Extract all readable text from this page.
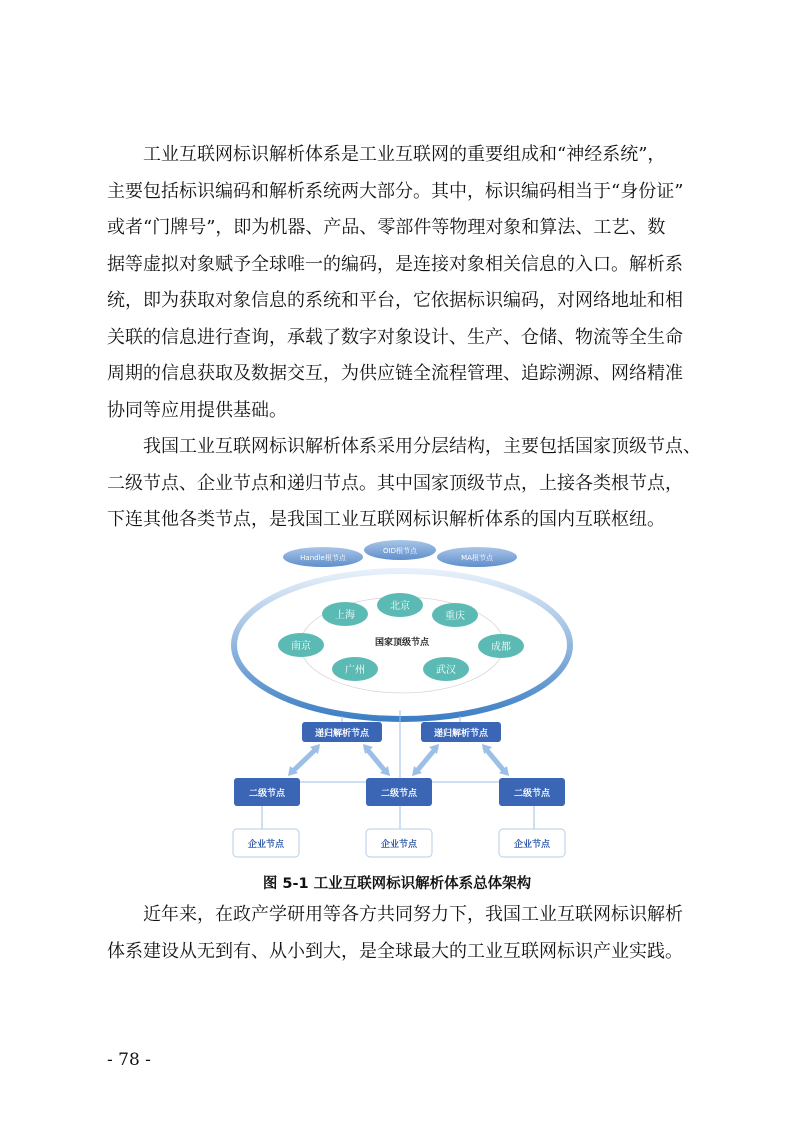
工业互联网标识解析体系是工业互联网的重要组成和“神经系统”，
主要包括标识编码和解析系统两大部分。其中，标识编码相当于“身份证”
或者“门牌号”，即为机器、产品、零部件等物理对象和算法、工艺、数
据等虚拟对象赋予全球唯一的编码，是连接对象相关信息的入口。解析系
统，即为获取对象信息的系统和平台，它依据标识编码，对网络地址和相
关联的信息进行查询，承载了数字对象设计、生产、仓储、物流等全生命
周期的信息获取及数据交互，为供应链全流程管理、追踪溯源、网络精准
协同等应用提供基础。
我国工业互联网标识解析体系采用分层结构，主要包括国家顶级节点、
二级节点、企业节点和递归节点。其中国家顶级节点，上接各类根节点，
下连其他各类节点，是我国工业互联网标识解析体系的国内互联枢纽。
Handle根节点
OID根节点
MA根节点
国家顶级节点
北京
重庆
成都
武汉
广州
南京
上海
递归解析节点	递归解析节点
二级节点	二级节点	二级节点
企业节点	企业节点	企业节点

图 5-1 工业互联网标识解析体系总体架构

近年来，在政产学研用等各方共同努力下，我国工业互联网标识解析
体系建设从无到有、从小到大，是全球最大的工业互联网标识产业实践。

- 78 -
